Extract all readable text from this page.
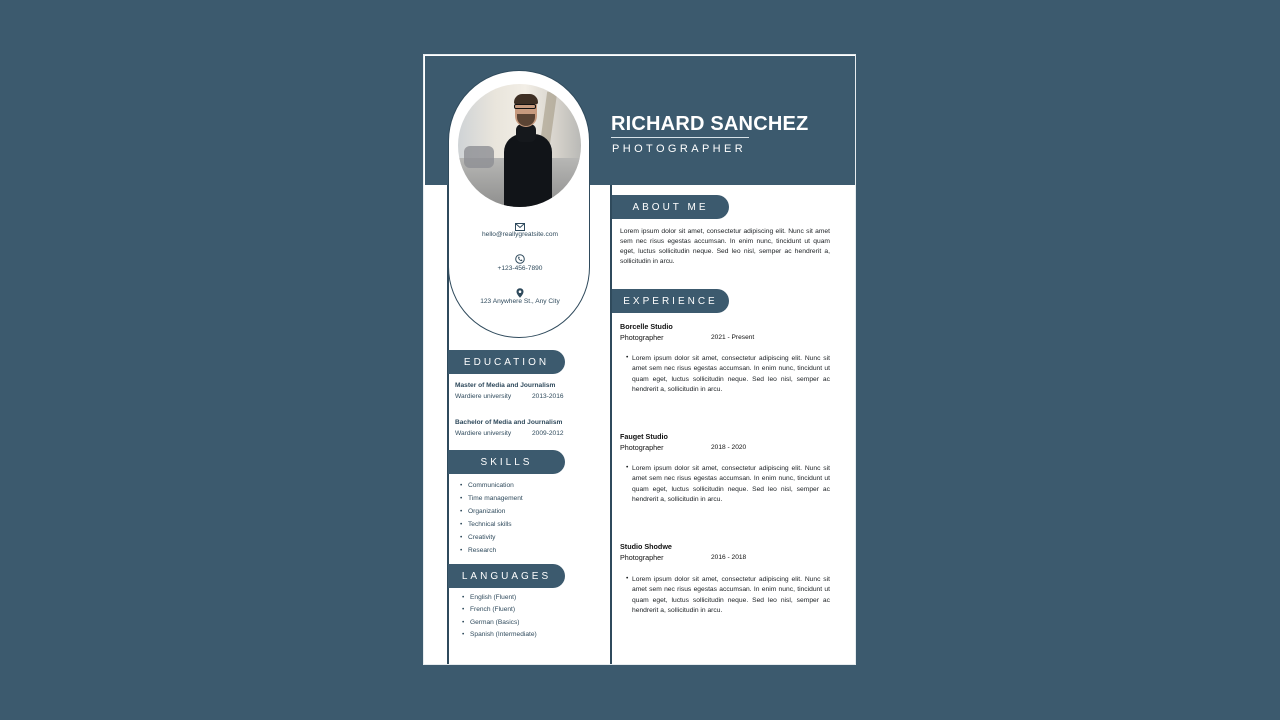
RICHARD SANCHEZ
PHOTOGRAPHER
hello@reallygreatsite.com
+123-456-7890
123 Anywhere St., Any City
EDUCATION
Master of Media and Journalism
Wardiere university	2013-2016
Bachelor of Media and Journalism
Wardiere university	2009-2012
SKILLS
• Communication
• Time management
• Organization
• Technical skills
• Creativity
• Research
LANGUAGES
• English (Fluent)
• French (Fluent)
• German (Basics)
• Spanish (Intermediate)
ABOUT ME
Lorem ipsum dolor sit amet, consectetur adipiscing elit. Nunc sit amet sem nec risus egestas accumsan. In enim nunc, tincidunt ut quam eget, luctus sollicitudin neque. Sed leo nisl, semper ac hendrerit a, sollicitudin in arcu.
EXPERIENCE
Borcelle Studio
Photographer	2021 - Present
• Lorem ipsum dolor sit amet, consectetur adipiscing elit. Nunc sit amet sem nec risus egestas accumsan. In enim nunc, tincidunt ut quam eget, luctus sollicitudin neque. Sed leo nisl, semper ac hendrerit a, sollicitudin in arcu.
Fauget Studio
Photographer	2018 - 2020
• Lorem ipsum dolor sit amet, consectetur adipiscing elit. Nunc sit amet sem nec risus egestas accumsan. In enim nunc, tincidunt ut quam eget, luctus sollicitudin neque. Sed leo nisl, semper ac hendrerit a, sollicitudin in arcu.
Studio Shodwe
Photographer	2016 - 2018
• Lorem ipsum dolor sit amet, consectetur adipiscing elit. Nunc sit amet sem nec risus egestas accumsan. In enim nunc, tincidunt ut quam eget, luctus sollicitudin neque. Sed leo nisl, semper ac hendrerit a, sollicitudin in arcu.
